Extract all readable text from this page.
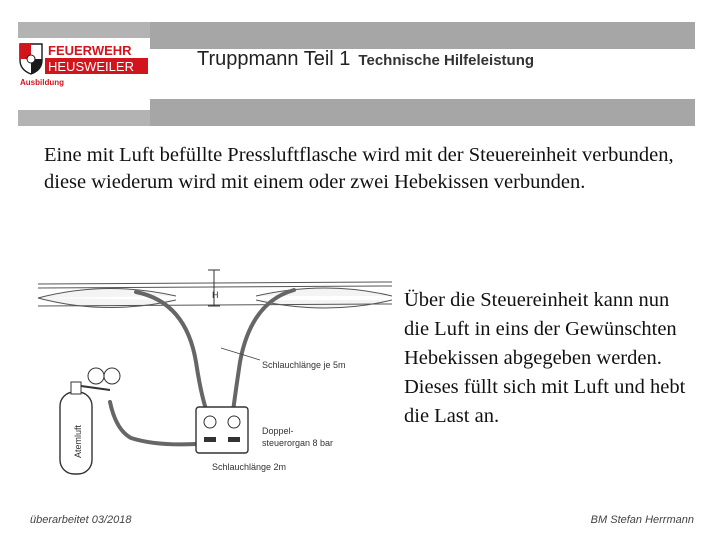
FEUERWEHR
HEUSWEILER
Ausbildung
Truppmann Teil 1 Technische Hilfeleistung
Eine mit Luft befüllte Pressluftflasche wird mit der Steuereinheit verbunden, diese wiederum wird mit einem oder zwei Hebekissen verbunden.
Über die Steuereinheit kann nun die Luft in eins der Gewünschten Hebekissen abgegeben werden. Dieses füllt sich mit Luft und hebt die Last an.
H
Schlauchlänge je 5m
Doppel-
steuerorgan 8 bar
Schlauchlänge 2m
Atemluft
überarbeitet 03/2018	BM Stefan Herrmann
